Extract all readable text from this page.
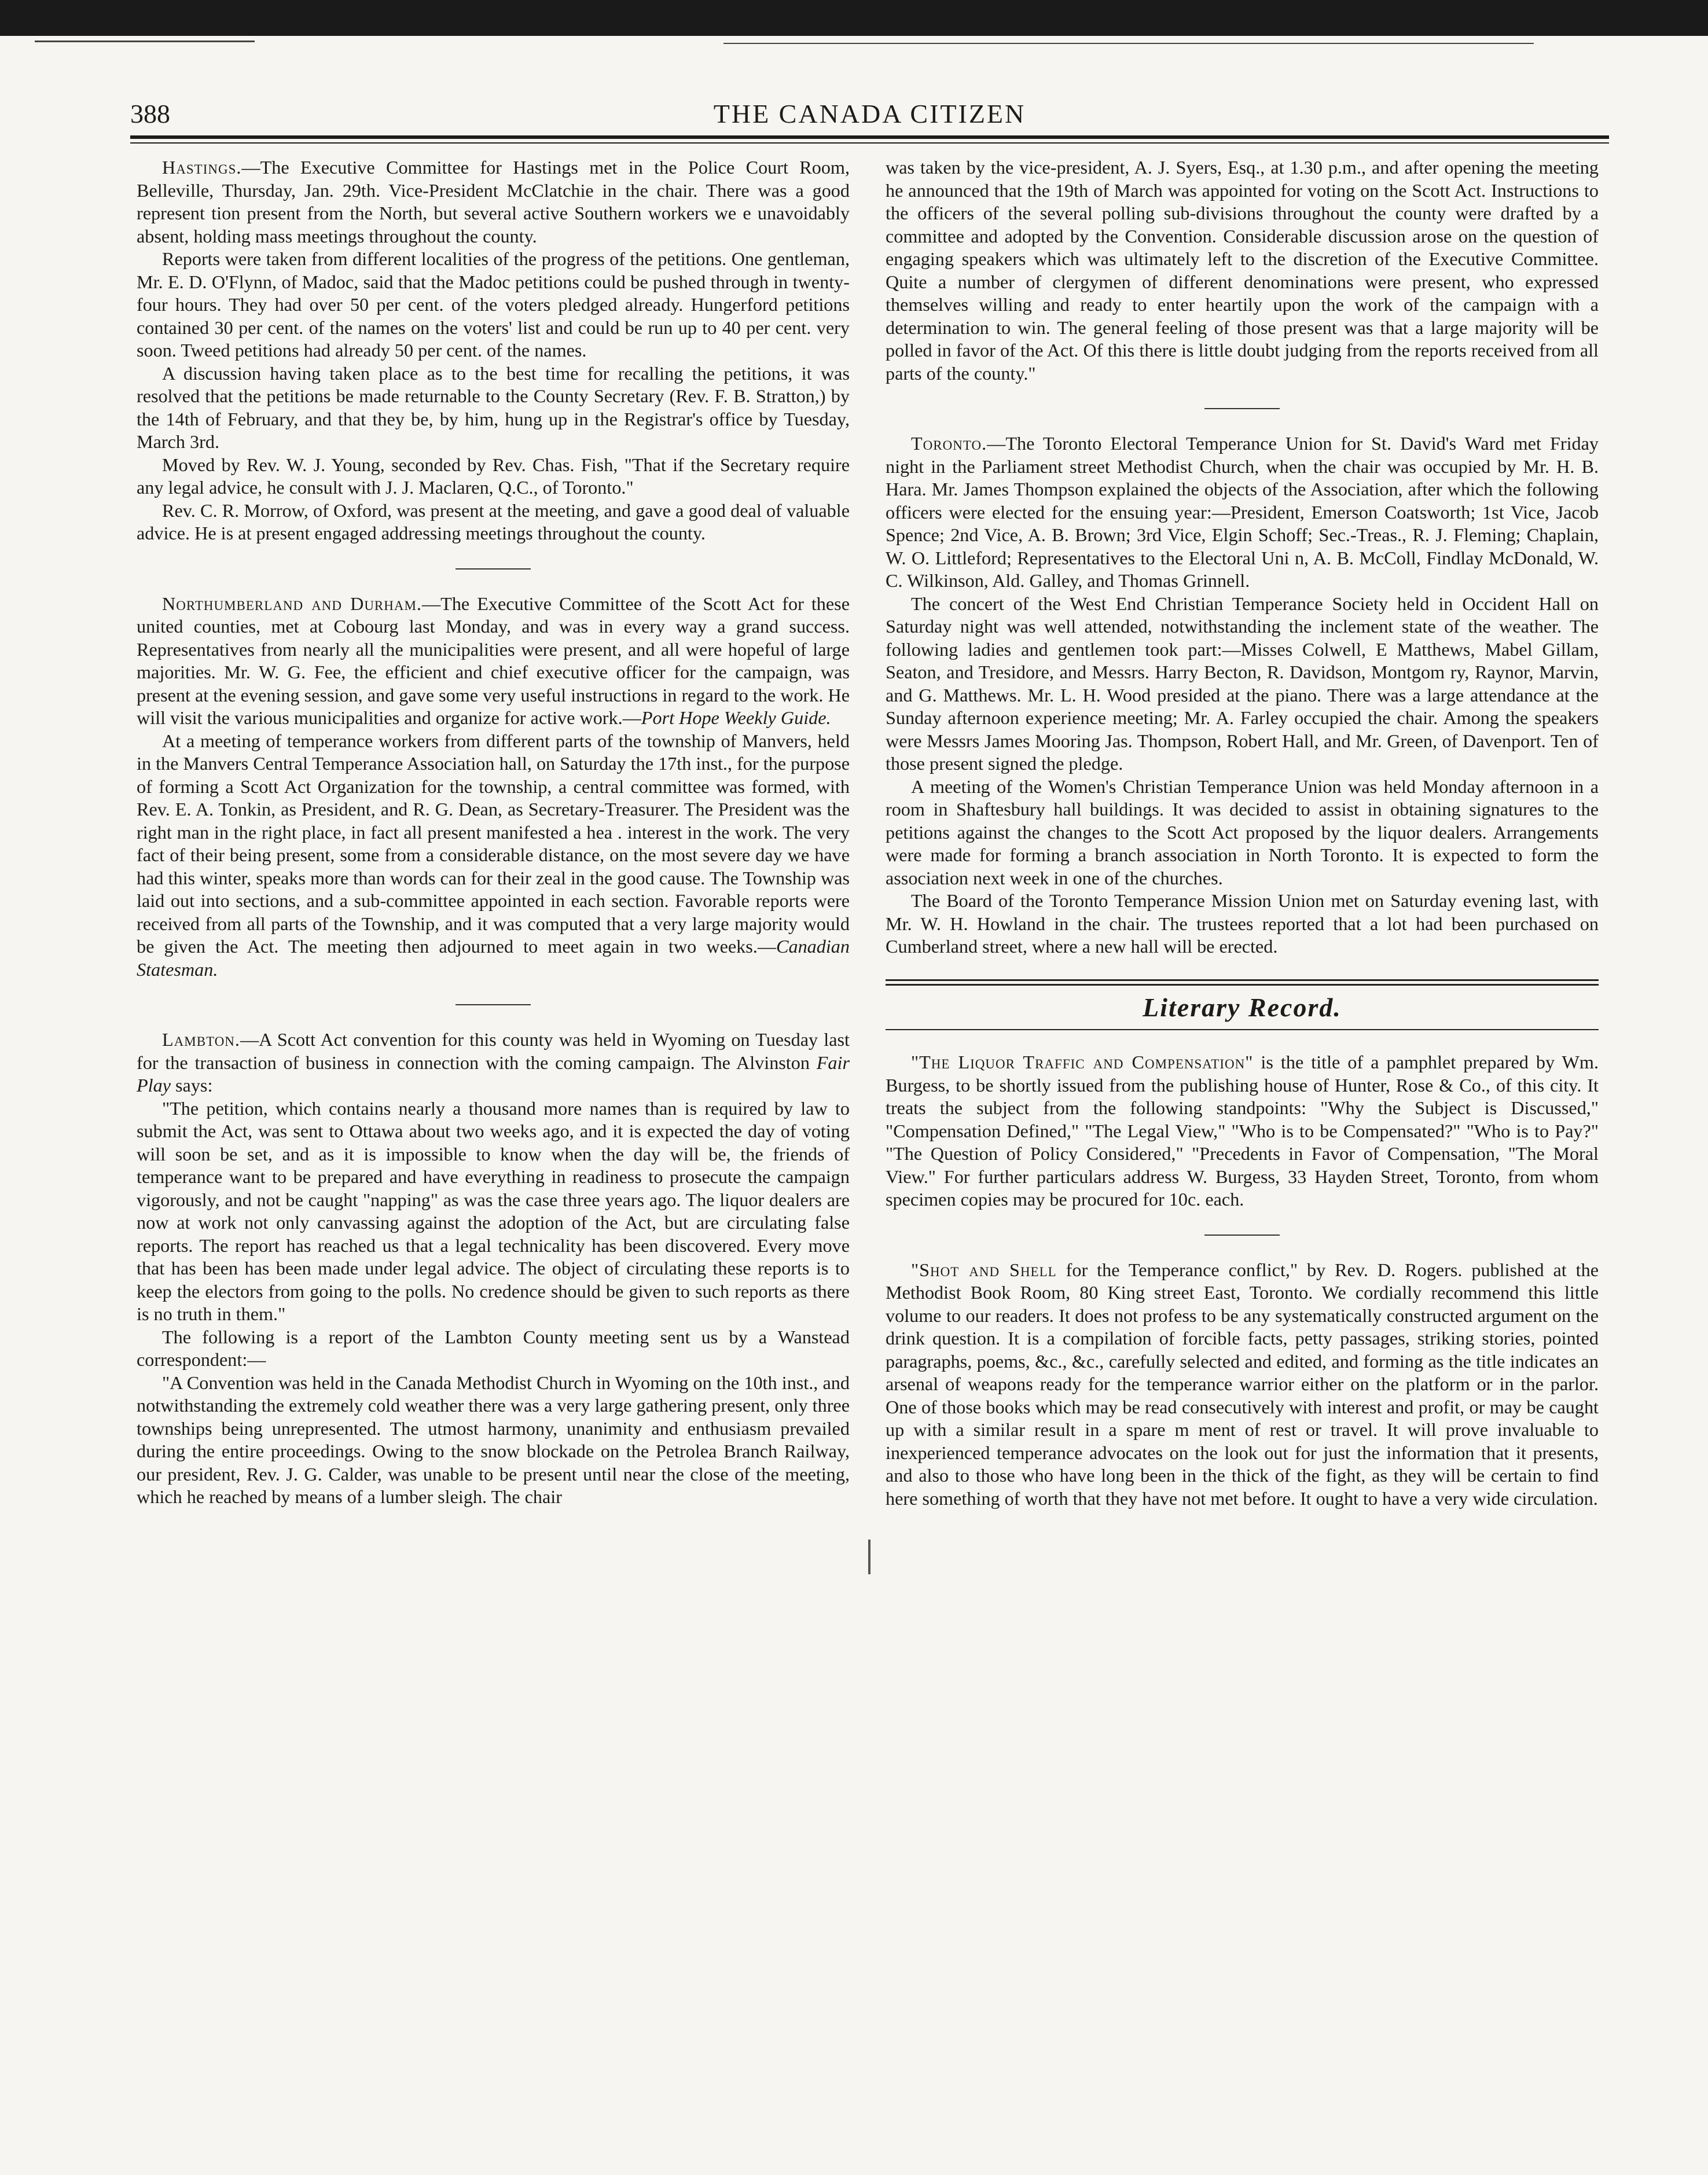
388	THE CANADA CITIZEN

Hastings.—The Executive Committee for Hastings met in the Police Court Room, Belleville, Thursday, Jan. 29th. Vice-President McClatchie in the chair. There was a good represent tion present from the North, but several active Southern workers we e unavoidably absent, holding mass meetings throughout the county.

Reports were taken from different localities of the progress of the petitions. One gentleman, Mr. E. D. O'Flynn, of Madoc, said that the Madoc petitions could be pushed through in twenty-four hours. They had over 50 per cent. of the voters pledged already. Hungerford petitions contained 30 per cent. of the names on the voters' list and could be run up to 40 per cent. very soon. Tweed petitions had already 50 per cent. of the names.

A discussion having taken place as to the best time for recalling the petitions, it was resolved that the petitions be made returnable to the County Secretary (Rev. F. B. Stratton,) by the 14th of February, and that they be, by him, hung up in the Registrar's office by Tuesday, March 3rd.

Moved by Rev. W. J. Young, seconded by Rev. Chas. Fish, "That if the Secretary require any legal advice, he consult with J. J. Maclaren, Q.C., of Toronto."

Rev. C. R. Morrow, of Oxford, was present at the meeting, and gave a good deal of valuable advice. He is at present engaged addressing meetings throughout the county.

Northumberland and Durham.—The Executive Committee of the Scott Act for these united counties, met at Cobourg last Monday, and was in every way a grand success. Representatives from nearly all the municipalities were present, and all were hopeful of large majorities. Mr. W. G. Fee, the efficient and chief executive officer for the campaign, was present at the evening session, and gave some very useful instructions in regard to the work. He will visit the various municipalities and organize for active work.—Port Hope Weekly Guide.

At a meeting of temperance workers from different parts of the township of Manvers, held in the Manvers Central Temperance Association hall, on Saturday the 17th inst., for the purpose of forming a Scott Act Organization for the township, a central committee was formed, with Rev. E. A. Tonkin, as President, and R. G. Dean, as Secretary-Treasurer. The President was the right man in the right place, in fact all present manifested a hea . interest in the work. The very fact of their being present, some from a considerable distance, on the most severe day we have had this winter, speaks more than words can for their zeal in the good cause. The Township was laid out into sections, and a sub-committee appointed in each section. Favorable reports were received from all parts of the Township, and it was computed that a very large majority would be given the Act. The meeting then adjourned to meet again in two weeks.—Canadian Statesman.

Lambton.—A Scott Act convention for this county was held in Wyoming on Tuesday last for the transaction of business in connection with the coming campaign. The Alvinston Fair Play says:

"The petition, which contains nearly a thousand more names than is required by law to submit the Act, was sent to Ottawa about two weeks ago, and it is expected the day of voting will soon be set, and as it is impossible to know when the day will be, the friends of temperance want to be prepared and have everything in readiness to prosecute the campaign vigorously, and not be caught "napping" as was the case three years ago. The liquor dealers are now at work not only canvassing against the adoption of the Act, but are circulating false reports. The report has reached us that a legal technicality has been discovered. Every move that has been has been made under legal advice. The object of circulating these reports is to keep the electors from going to the polls. No credence should be given to such reports as there is no truth in them."

The following is a report of the Lambton County meeting sent us by a Wanstead correspondent:—

"A Convention was held in the Canada Methodist Church in Wyoming on the 10th inst., and notwithstanding the extremely cold weather there was a very large gathering present, only three townships being unrepresented. The utmost harmony, unanimity and enthusiasm prevailed during the entire proceedings. Owing to the snow blockade on the Petrolea Branch Railway, our president, Rev. J. G. Calder, was unable to be present until near the close of the meeting, which he reached by means of a lumber sleigh. The chair

was taken by the vice-president, A. J. Syers, Esq., at 1.30 p.m., and after opening the meeting he announced that the 19th of March was appointed for voting on the Scott Act. Instructions to the officers of the several polling sub-divisions throughout the county were drafted by a committee and adopted by the Convention. Considerable discussion arose on the question of engaging speakers which was ultimately left to the discretion of the Executive Committee. Quite a number of clergymen of different denominations were present, who expressed themselves willing and ready to enter heartily upon the work of the campaign with a determination to win. The general feeling of those present was that a large majority will be polled in favor of the Act. Of this there is little doubt judging from the reports received from all parts of the county."

Toronto.—The Toronto Electoral Temperance Union for St. David's Ward met Friday night in the Parliament street Methodist Church, when the chair was occupied by Mr. H. B. Hara. Mr. James Thompson explained the objects of the Association, after which the following officers were elected for the ensuing year:—President, Emerson Coatsworth; 1st Vice, Jacob Spence; 2nd Vice, A. B. Brown; 3rd Vice, Elgin Schoff; Sec.-Treas., R. J. Fleming; Chaplain, W. O. Littleford; Representatives to the Electoral Uni n, A. B. McColl, Findlay McDonald, W. C. Wilkinson, Ald. Galley, and Thomas Grinnell.

The concert of the West End Christian Temperance Society held in Occident Hall on Saturday night was well attended, notwithstanding the inclement state of the weather. The following ladies and gentlemen took part:—Misses Colwell, E Matthews, Mabel Gillam, Seaton, and Tresidore, and Messrs. Harry Becton, R. Davidson, Montgom ry, Raynor, Marvin, and G. Matthews. Mr. L. H. Wood presided at the piano. There was a large attendance at the Sunday afternoon experience meeting; Mr. A. Farley occupied the chair. Among the speakers were Messrs James Mooring Jas. Thompson, Robert Hall, and Mr. Green, of Davenport. Ten of those present signed the pledge.

A meeting of the Women's Christian Temperance Union was held Monday afternoon in a room in Shaftesbury hall buildings. It was decided to assist in obtaining signatures to the petitions against the changes to the Scott Act proposed by the liquor dealers. Arrangements were made for forming a branch association in North Toronto. It is expected to form the association next week in one of the churches.

The Board of the Toronto Temperance Mission Union met on Saturday evening last, with Mr. W. H. Howland in the chair. The trustees reported that a lot had been purchased on Cumberland street, where a new hall will be erected.

Literary Record.

"The Liquor Traffic and Compensation" is the title of a pamphlet prepared by Wm. Burgess, to be shortly issued from the publishing house of Hunter, Rose & Co., of this city. It treats the subject from the following standpoints: "Why the Subject is Discussed," "Compensation Defined," "The Legal View," "Who is to be Compensated?" "Who is to Pay?" "The Question of Policy Considered," "Precedents in Favor of Compensation, "The Moral View." For further particulars address W. Burgess, 33 Hayden Street, Toronto, from whom specimen copies may be procured for 10c. each.

"Shot and Shell for the Temperance conflict," by Rev. D. Rogers. published at the Methodist Book Room, 80 King street East, Toronto. We cordially recommend this little volume to our readers. It does not profess to be any systematically constructed argument on the drink question. It is a compilation of forcible facts, petty passages, striking stories, pointed paragraphs, poems, &c., &c., carefully selected and edited, and forming as the title indicates an arsenal of weapons ready for the temperance warrior either on the platform or in the parlor. One of those books which may be read consecutively with interest and profit, or may be caught up with a similar result in a spare m ment of rest or travel. It will prove invaluable to inexperienced temperance advocates on the look out for just the information that it presents, and also to those who have long been in the thick of the fight, as they will be certain to find here something of worth that they have not met before. It ought to have a very wide circulation.
